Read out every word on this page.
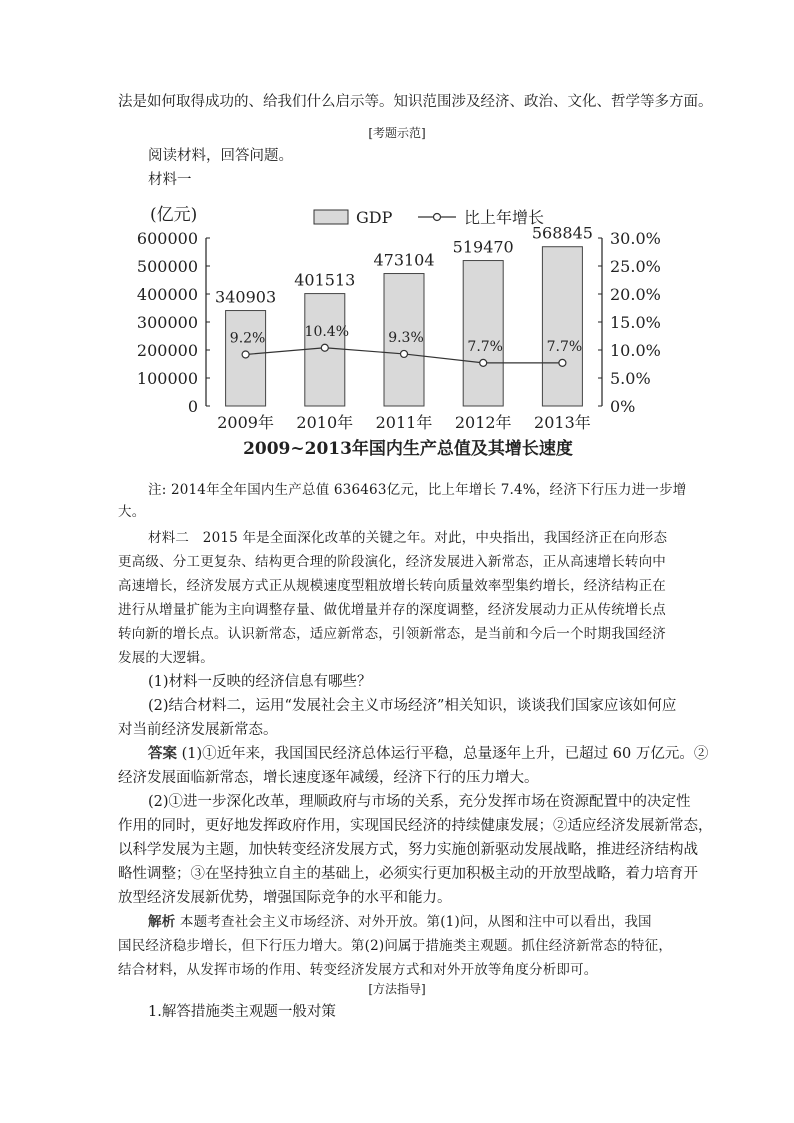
法是如何取得成功的、给我们什么启示等。知识范围涉及经济、政治、文化、哲学等多方面。
[考题示范]
阅读材料，回答问题。
材料一
0
100000
200000
300000
400000
500000
600000
0%
5.0%
10.0%
15.0%
20.0%
25.0%
30.0%
(亿元)	GDP	比上年增长
340903
2009年
401513
2010年
473104
2011年
519470
2012年
568845
2013年
9.2%	10.4%	9.3%
7.7%	7.7%
2009~2013年国内生产总值及其增长速度
注: 2014年全年国内生产总值 636463亿元，比上年增长 7.4%，经济下行压力进一步增
大。
材料二　2015 年是全面深化改革的关键之年。对此，中央指出，我国经济正在向形态
更高级、分工更复杂、结构更合理的阶段演化，经济发展进入新常态，正从高速增长转向中
高速增长，经济发展方式正从规模速度型粗放增长转向质量效率型集约增长，经济结构正在
进行从增量扩能为主向调整存量、做优增量并存的深度调整，经济发展动力正从传统增长点
转向新的增长点。认识新常态，适应新常态，引领新常态，是当前和今后一个时期我国经济
发展的大逻辑。
(1)材料一反映的经济信息有哪些？
(2)结合材料二，运用“发展社会主义市场经济”相关知识，谈谈我们国家应该如何应
对当前经济发展新常态。
答案 (1)①近年来，我国国民经济总体运行平稳，总量逐年上升，已超过 60 万亿元。②
经济发展面临新常态，增长速度逐年减缓，经济下行的压力增大。
(2)①进一步深化改革，理顺政府与市场的关系，充分发挥市场在资源配置中的决定性
作用的同时，更好地发挥政府作用，实现国民经济的持续健康发展；②适应经济发展新常态，
以科学发展为主题，加快转变经济发展方式，努力实施创新驱动发展战略，推进经济结构战
略性调整；③在坚持独立自主的基础上，必须实行更加积极主动的开放型战略，着力培育开
放型经济发展新优势，增强国际竞争的水平和能力。
解析 本题考查社会主义市场经济、对外开放。第(1)问，从图和注中可以看出，我国
国民经济稳步增长，但下行压力增大。第(2)问属于措施类主观题。抓住经济新常态的特征，
结合材料，从发挥市场的作用、转变经济发展方式和对外开放等角度分析即可。
[方法指导]
1.解答措施类主观题一般对策
